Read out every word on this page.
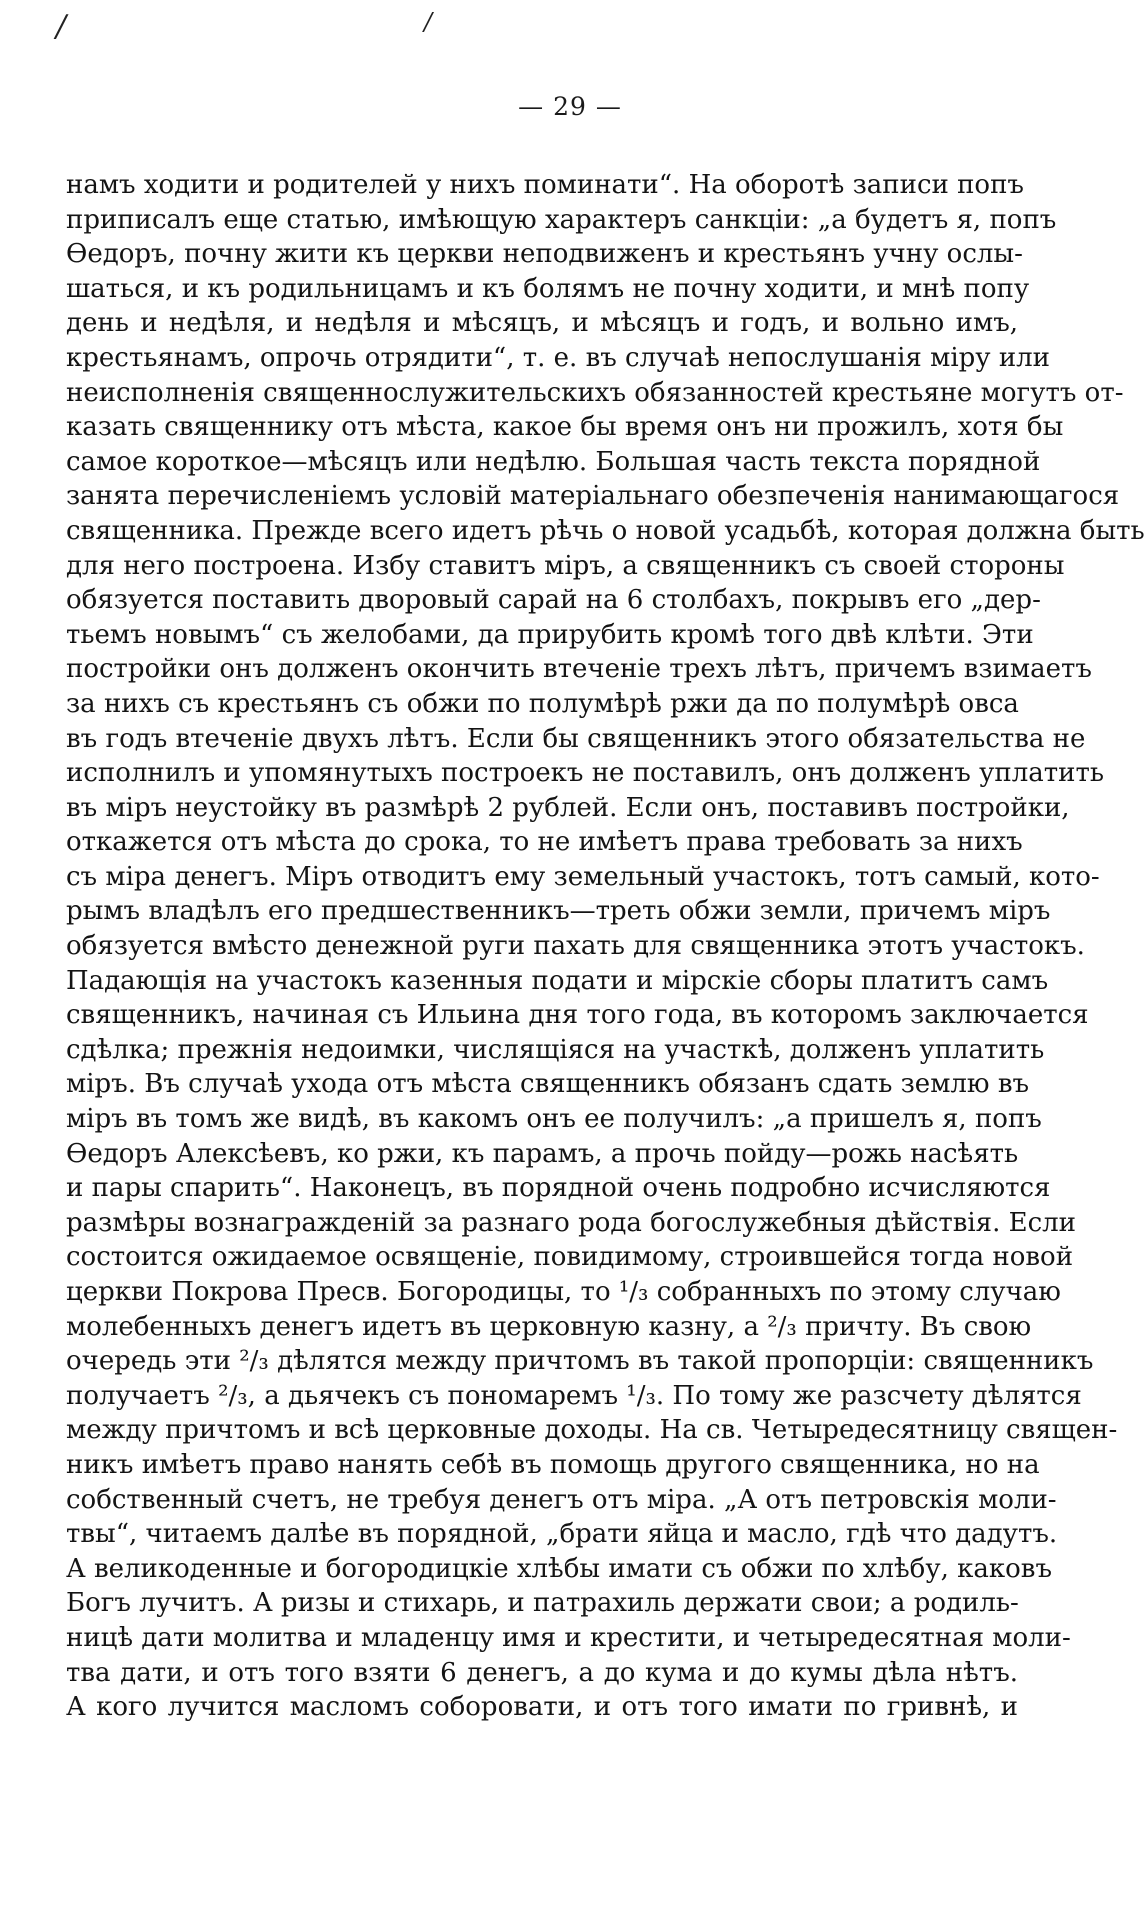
/	/
— 29 —
намъ ходити и родителей у нихъ поминати“. На оборотѣ записи попъ
приписалъ еще статью, имѣющую характеръ санкціи: „а будетъ я, попъ
Ѳедоръ, почну жити къ церкви неподвиженъ и крестьянъ учну ослы-
шаться, и къ родильницамъ и къ болямъ не почну ходити, и мнѣ попу
день и недѣля, и недѣля и мѣсяцъ, и мѣсяцъ и годъ, и вольно имъ,
крестьянамъ, опрочь отрядити“, т. е. въ случаѣ непослушанія міру или
неисполненія священнослужительскихъ обязанностей крестьяне могутъ от-
казать священнику отъ мѣста, какое бы время онъ ни прожилъ, хотя бы
самое короткое—мѣсяцъ или недѣлю. Большая часть текста порядной
занята перечисленіемъ условій матеріальнаго обезпеченія нанимающагося
священника. Прежде всего идетъ рѣчь о новой усадьбѣ, которая должна быть
для него построена. Избу ставитъ міръ, а священникъ съ своей стороны
обязуется поставить дворовый сарай на 6 столбахъ, покрывъ его „дер-
тьемъ новымъ“ съ желобами, да прирубить кромѣ того двѣ клѣти. Эти
постройки онъ долженъ окончить втеченіе трехъ лѣтъ, причемъ взимаетъ
за нихъ съ крестьянъ съ обжи по полумѣрѣ ржи да по полумѣрѣ овса
въ годъ втеченіе двухъ лѣтъ. Если бы священникъ этого обязательства не
исполнилъ и упомянутыхъ построекъ не поставилъ, онъ долженъ уплатить
въ міръ неустойку въ размѣрѣ 2 рублей. Если онъ, поставивъ постройки,
откажется отъ мѣста до срока, то не имѣетъ права требовать за нихъ
съ міра денегъ. Міръ отводитъ ему земельный участокъ, тотъ самый, кото-
рымъ владѣлъ его предшественникъ—треть обжи земли, причемъ міръ
обязуется вмѣсто денежной руги пахать для священника этотъ участокъ.
Падающія на участокъ казенныя подати и мірскіе сборы платитъ самъ
священникъ, начиная съ Ильина дня того года, въ которомъ заключается
сдѣлка; прежнія недоимки, числящіяся на участкѣ, долженъ уплатить
міръ. Въ случаѣ ухода отъ мѣста священникъ обязанъ сдать землю въ
міръ въ томъ же видѣ, въ какомъ онъ ее получилъ: „а пришелъ я, попъ
Ѳедоръ Алексѣевъ, ко ржи, къ парамъ, а прочь пойду—рожь насѣять
и пары спарить“. Наконецъ, въ порядной очень подробно исчисляются
размѣры вознагражденій за разнаго рода богослужебныя дѣйствія. Если
состоится ожидаемое освященіе, повидимому, строившейся тогда новой
церкви Покрова Пресв. Богородицы, то ¹/₃ собранныхъ по этому случаю
молебенныхъ денегъ идетъ въ церковную казну, а ²/₃ причту. Въ свою
очередь эти ²/₃ дѣлятся между причтомъ въ такой пропорціи: священникъ
получаетъ ²/₃, а дьячекъ съ пономаремъ ¹/₃. По тому же разсчету дѣлятся
между причтомъ и всѣ церковные доходы. На св. Четыредесятницу священ-
никъ имѣетъ право нанять себѣ въ помощь другого священника, но на
собственный счетъ, не требуя денегъ отъ міра. „А отъ петровскія моли-
твы“, читаемъ далѣе въ порядной, „брати яйца и масло, гдѣ что дадутъ.
А великоденные и богородицкіе хлѣбы имати съ обжи по хлѣбу, каковъ
Богъ лучитъ. А ризы и стихарь, и патрахиль держати свои; а родиль-
ницѣ дати молитва и младенцу имя и крестити, и четыредесятная моли-
тва дати, и отъ того взяти 6 денегъ, а до кума и до кумы дѣла нѣтъ.
А кого лучится масломъ соборовати, и отъ того имати по гривнѣ, и
